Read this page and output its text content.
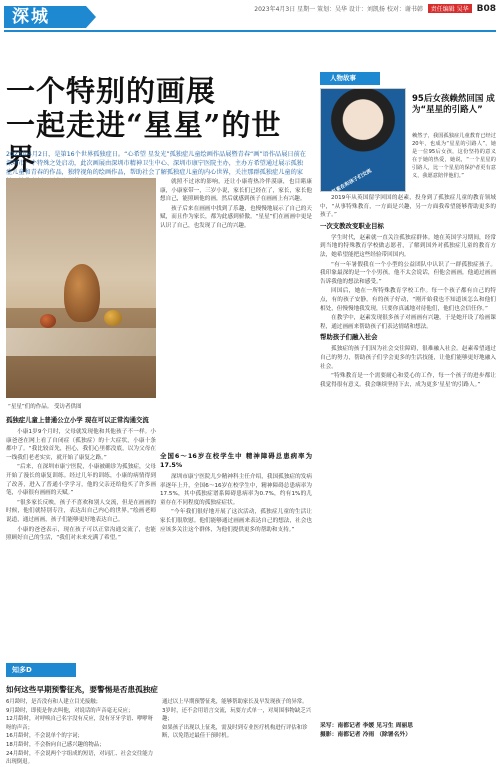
深城	2023年4月3日 星期一 策划：吴华 设计：刘凯扬 校对：谢书韩 责任编辑 吴华 B08
一个特别的画展
一起走进“星星”的世界
2023年4月2日，是第16个世界孤独症日。“心希望 星发光”孤独症儿童绘画作品展暨青春“画”语作品展日前在深圳市一个特殊之处启动，此次画展由深圳市精神卫生中心、深圳市康宁医院主办，主办方希望通过展示孤独症儿童和青春的作品，独特视角的绘画作品，帮助社会了解孤独症儿童的内心世界，关注那群孤独症儿童的家
“星星”们的作品。 受访者供图

就照不过冰的影响，还让小康将热冷伴漠康，也目睹康康，小康家带一，三岁小说，家长们已经在了，家长，家长他想自己，能照顾他的画，然后就感到孩子在画画上有兴趣。

孩子后来在画画中找到了乐趣，也慢慢地展示了自己的天赋，而且作为家长，都为此感到骄傲。“星星”们在画画中更是认识了自己，也发现了自己的兴趣。

孤独症儿童上普通公立小学 现在可以正常沟通交流

小康1岁9个月时，父母就发现他和其他孩子不一样。小康爸爸在网上看了自闭症（孤独症）的十大症状，小康十条都中了。“我比较首先，担心，我们心里都没底，以为父母在一线我们老老实实，就开始了康复之路。”

“后来，在深圳市康宁医院，小康被确诊为孤独症，父母开始了漫长的康复训练。经过几年的训练，小康的病情得到了改善，进入了普通小学学习，他的父亲还给他买了许多画笔，小康很有画画的天赋。”

“很多家长反映，孩子不喜欢和别人交流，但是在画画的时候，他们就特别专注，表达出自己内心的世界。”绘画老师说道，通过画画，孩子们能够更好地表达自己。

小康的爸爸表示，现在孩子可以正常沟通交流了，也能照顾好自己的生活，“我们对未来充满了希望。”

全国6～16岁在校学生中 精神障碍总患病率为17.5%

深圳市康宁医院儿少精神科主任介绍，我国孤独症的发病率逐年上升，全国6～16岁在校学生中，精神障碍总患病率为17.5%，其中孤独症谱系障碍患病率为0.7%，约有1%的儿童存在不同程度的孤独症症状。

“今年我们很好地开展了这次活动，孤独症儿童的生活让家长们很欣慰。他们能够通过画画来表达自己的想法，社会也应该多关注这个群体，为他们提供更多的帮助和支持。”

知多D
如何这些早期预警征兆，要警惕是否患孤独症

6月龄时，是否没有和人建立目光接触；

9月龄时，即使是你去叫他，对说话的声音毫无反应；

12月龄时，对呼唤自己名字没有反应，没有牙牙学语、咿咿呀呀的声音；

16月龄时，不会说单个的字词；

18月龄时，不会指向自己感兴趣的物品；

24月龄时，不会说两个字组成的短语，对词汇、社会交往能力出现倒退。

通过以上早期预警征兆，能够帮助家长及早发现孩子的异常。

3岁时，还不会用语言交流，玩耍方式单一，对周围事物缺乏兴趣；

如果孩子出现以上征兆，需及时到专业医疗机构进行评估和诊断，以免错过最佳干预时机。

人物故事
赵素在和孩子们交流
95后女孩赖然回国 成为“星星的引路人”
赖然子，我国孤独症儿童教育已经过20年，也成为“星星的引路人”，她是一位95后女孩，这份坚持的意义在于她的热爱，她说，“一个星星的引路人，比一个星星的保护者更有意义，我愿意陪伴他们。”

2019年从英国留学回国的赵素，投身到了孤独症儿童的教育领域中，“从事特殊教育，一方面是兴趣，另一方面我希望能够帮助更多的孩子。”

一次支教改变职业目标

学生时代，赵素就一直关注孤独症群体。她在英国学习期间，经常到当地的特殊教育学校做志愿者，了解到国外对孤独症儿童的教育方法，她希望能把这些经验带回国内。

“有一年暑假我在一个小型的公益团队中认识了一群孤独症孩子。我印象最深的是一个小男孩，他不太会说话，但他会画画，他通过画画告诉我他的想法和感受。”

回国后，她在一所特殊教育学校工作。每一个孩子都有自己的特点，有的孩子安静，有的孩子好动，“刚开始我也不知道该怎么和他们相处，但慢慢地我发现，只要你真诚地对待他们，他们也会信任你。”

在教学中，赵素发现很多孩子对画画有兴趣，于是她开设了绘画课程，通过画画来帮助孩子们表达情绪和想法。

帮助孩子们融入社会

孤独症的孩子们因为社会交往障碍，很难融入社会。赵素希望通过自己的努力，帮助孩子们学会更多的生活技能，让他们能够更好地融入社会。

“特殊教育是一个需要耐心和爱心的工作，每一个孩子的进步都让我觉得很有意义。我会继续坚持下去，成为更多‘星星’的引路人。”

采写：南都记者 李媛 见习生 周丽思
摄影：南都记者 冷雨 （除署名外）
